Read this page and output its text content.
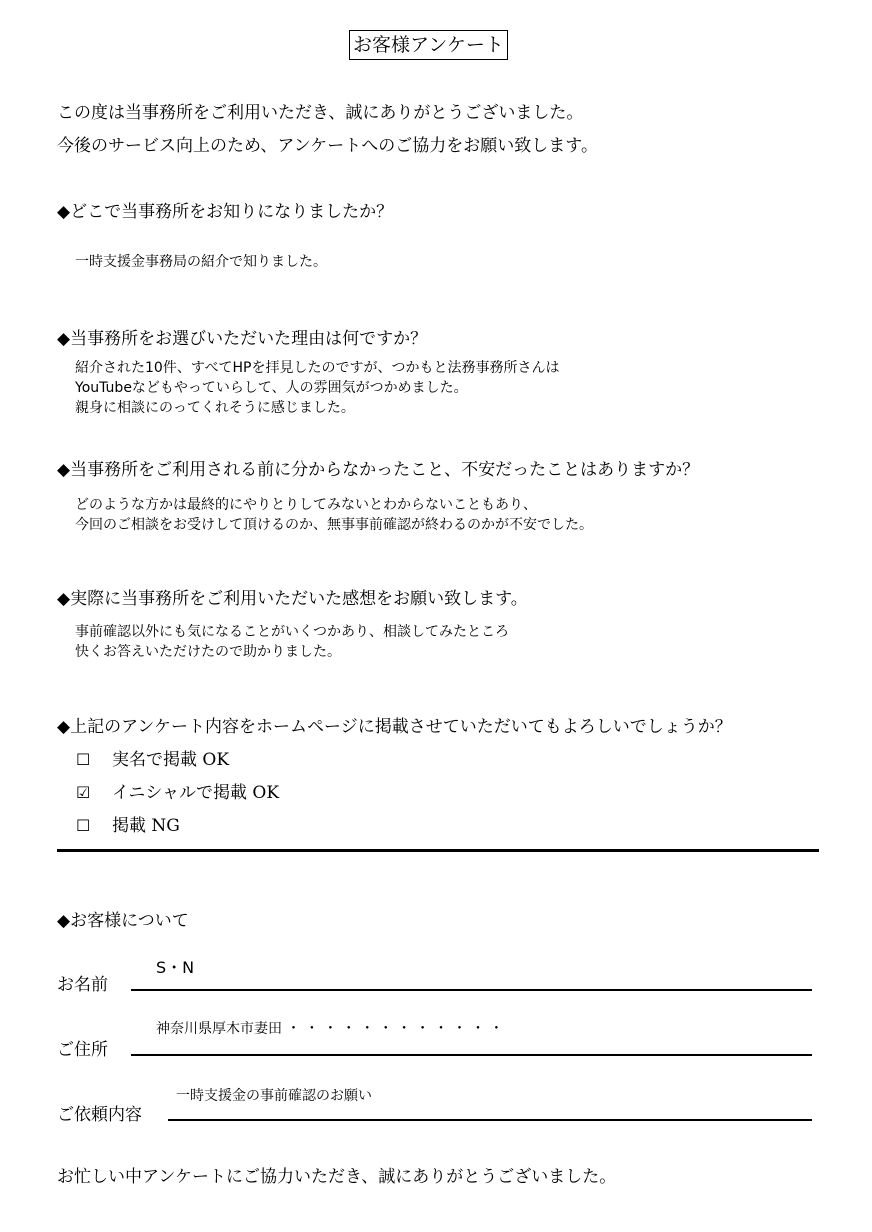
お客様アンケート
この度は当事務所をご利用いただき、誠にありがとうございました。
今後のサービス向上のため、アンケートへのご協力をお願い致します。
◆どこで当事務所をお知りになりましたか？
一時支援金事務局の紹介で知りました。
◆当事務所をお選びいただいた理由は何ですか？
紹介された10件、すべてHPを拝見したのですが、つかもと法務事務所さんは
YouTubeなどもやっていらして、人の雰囲気がつかめました。
親身に相談にのってくれそうに感じました。
◆当事務所をご利用される前に分からなかったこと、不安だったことはありますか？
どのような方かは最終的にやりとりしてみないとわからないこともあり、
今回のご相談をお受けして頂けるのか、無事事前確認が終わるのかが不安でした。
◆実際に当事務所をご利用いただいた感想をお願い致します。
事前確認以外にも気になることがいくつかあり、相談してみたところ
快くお答えいただけたので助かりました。
◆上記のアンケート内容をホームページに掲載させていただいてもよろしいでしょうか？
☐ 実名で掲載 OK
☑ イニシャルで掲載 OK
☐ 掲載 NG
◆お客様について
お名前
S・N
ご住所
神奈川県厚木市妻田 ・ ・ ・ ・ ・ ・ ・ ・ ・ ・ ・ ・
ご依頼内容
一時支援金の事前確認のお願い
お忙しい中アンケートにご協力いただき、誠にありがとうございました。
